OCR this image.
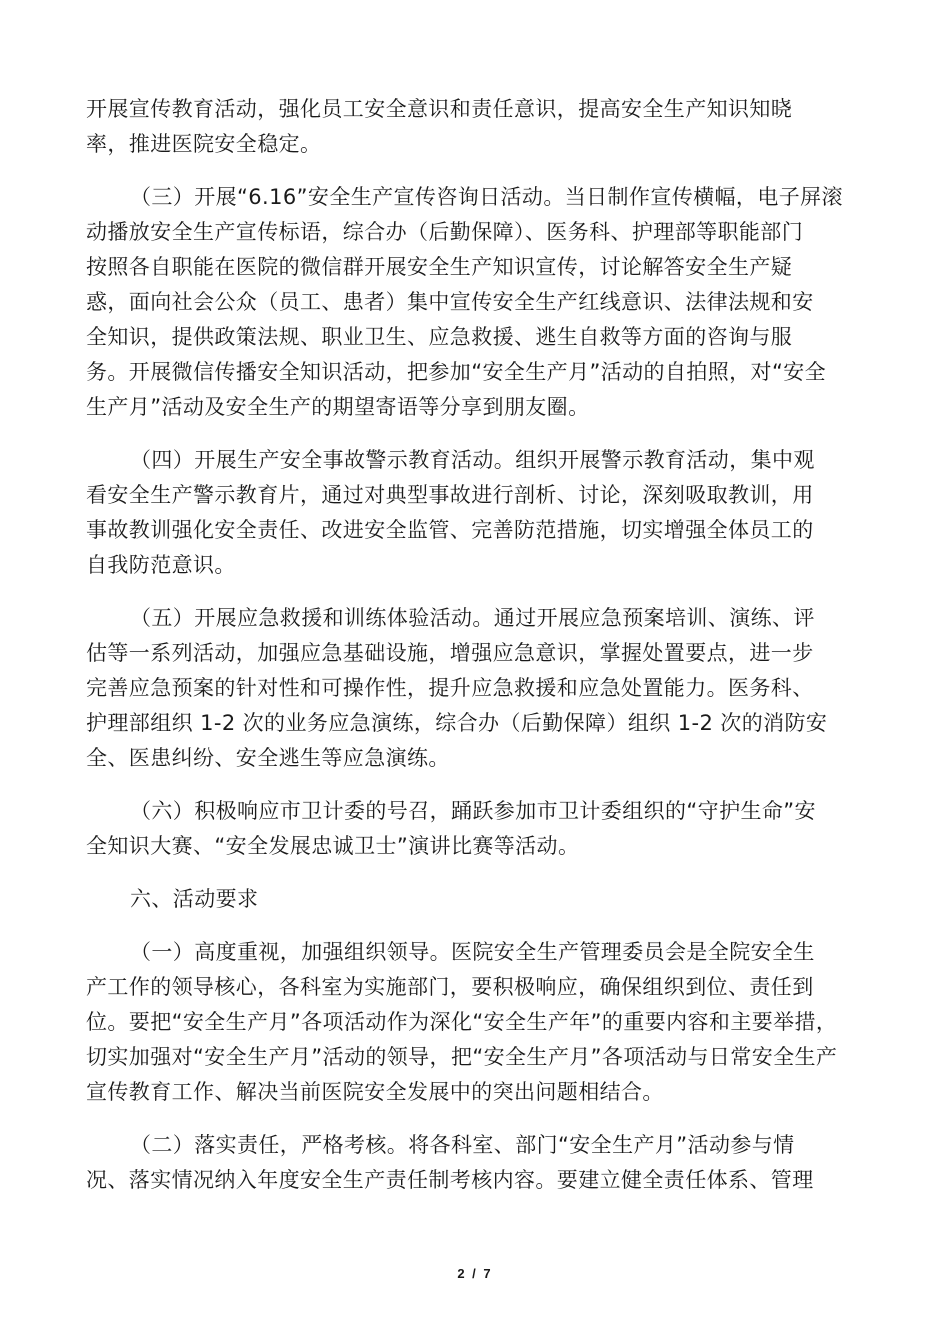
开展宣传教育活动，强化员工安全意识和责任意识，提高安全生产知识知晓
率，推进医院安全稳定。
（三）开展“6.16”安全生产宣传咨询日活动。当日制作宣传横幅，电子屏滚
动播放安全生产宣传标语，综合办（后勤保障）、医务科、护理部等职能部门
按照各自职能在医院的微信群开展安全生产知识宣传，讨论解答安全生产疑
惑，面向社会公众（员工、患者）集中宣传安全生产红线意识、法律法规和安
全知识，提供政策法规、职业卫生、应急救援、逃生自救等方面的咨询与服
务。开展微信传播安全知识活动，把参加“安全生产月”活动的自拍照，对“安全
生产月”活动及安全生产的期望寄语等分享到朋友圈。
（四）开展生产安全事故警示教育活动。组织开展警示教育活动，集中观
看安全生产警示教育片，通过对典型事故进行剖析、讨论，深刻吸取教训，用
事故教训强化安全责任、改进安全监管、完善防范措施，切实增强全体员工的
自我防范意识。
（五）开展应急救援和训练体验活动。通过开展应急预案培训、演练、评
估等一系列活动，加强应急基础设施，增强应急意识，掌握处置要点，进一步
完善应急预案的针对性和可操作性，提升应急救援和应急处置能力。医务科、
护理部组织 1-2 次的业务应急演练，综合办（后勤保障）组织 1-2 次的消防安
全、医患纠纷、安全逃生等应急演练。
（六）积极响应市卫计委的号召，踊跃参加市卫计委组织的“守护生命”安
全知识大赛、“安全发展忠诚卫士”演讲比赛等活动。
六、活动要求
（一）高度重视，加强组织领导。医院安全生产管理委员会是全院安全生
产工作的领导核心，各科室为实施部门，要积极响应，确保组织到位、责任到
位。要把“安全生产月”各项活动作为深化“安全生产年”的重要内容和主要举措，
切实加强对“安全生产月”活动的领导，把“安全生产月”各项活动与日常安全生产
宣传教育工作、解决当前医院安全发展中的突出问题相结合。
（二）落实责任，严格考核。将各科室、部门“安全生产月”活动参与情
况、落实情况纳入年度安全生产责任制考核内容。要建立健全责任体系、管理
2 / 7
